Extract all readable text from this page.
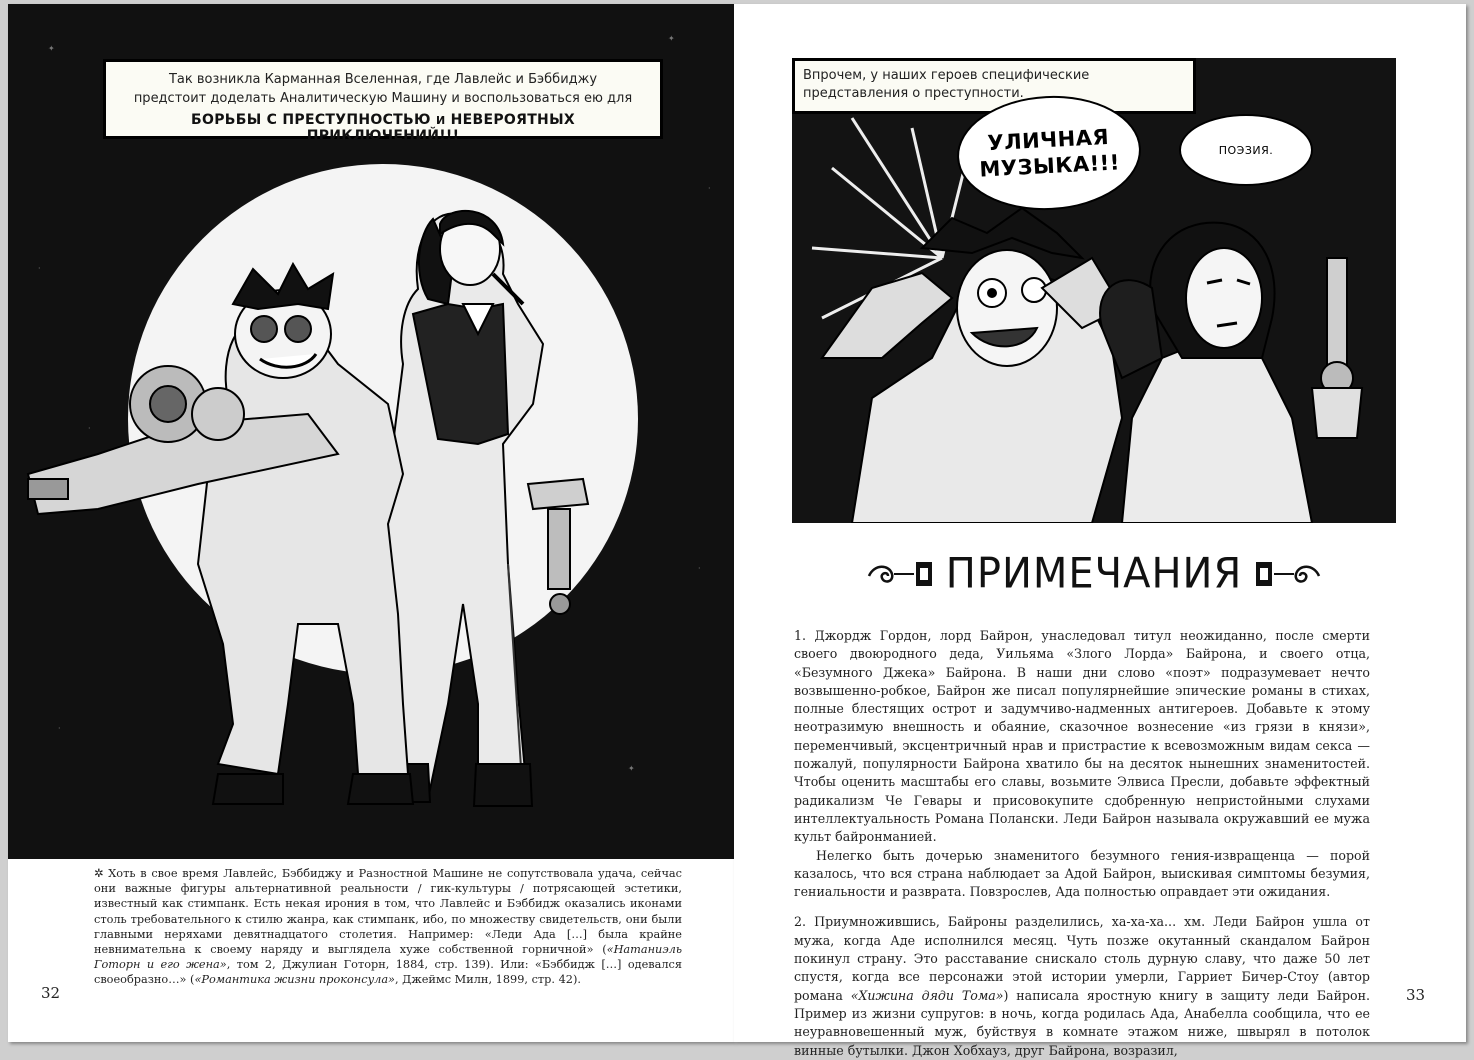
✦
·
✦
·
·
·
·
✦
Так возникла Карманная Вселенная, где Лавлейс и Бэббиджу
предстоит доделать Аналитическую Машину и воспользоваться ею для
БОРЬБЫ С ПРЕСТУПНОСТЬЮ И НЕВЕРОЯТНЫХ ПРИКЛЮЧЕНИЙ!!!
✲ Хоть в свое время Лавлейс, Бэббиджу и Разностной Машине не сопутствовала удача, сейчас они важные фигуры альтернативной реальности / гик-культуры / потрясающей эстетики, известный как стимпанк. Есть некая ирония в том, что Лавлейс и Бэббидж оказались иконами столь требовательного к стилю жанра, как стимпанк, ибо, по множеству свидетельств, они были главными неряхами девятнадцатого столетия. Например: «Леди Ада […] была крайне невнимательна к своему наряду и выглядела хуже собственной горничной» («Натаниэль Готорн и его жена», том 2, Джулиан Готорн, 1884, стр. 139). Или: «Бэббидж […] одевался своеобразно…» («Романтика жизни проконсула», Джеймс Милн, 1899, стр. 42).
32
Впрочем, у наших героев специфические представления о преступности.
УЛИЧНАЯ
МУЗЫКА!!!
ПОЭЗИЯ.
ПРИМЕЧАНИЯ

1. Джордж Гордон, лорд Байрон, унаследовал титул неожиданно, после смерти своего двоюродного деда, Уильяма «Злого Лорда» Байрона, и своего отца, «Безумного Джека» Байрона. В наши дни слово «поэт» подразумевает нечто возвышенно-робкое, Байрон же писал популярнейшие эпические романы в стихах, полные блестящих острот и задумчиво-надменных антигероев. Добавьте к этому неотразимую внешность и обаяние, сказочное вознесение «из грязи в князи», переменчивый, эксцентричный нрав и пристрастие к всевозможным видам секса — пожалуй, популярности Байрона хватило бы на десяток нынешних знаменитостей. Чтобы оценить масштабы его славы, возьмите Элвиса Пресли, добавьте эффектный радикализм Че Гевары и присовокупите сдобренную непристойными слухами интеллектуальность Романа Полански. Леди Байрон называла окружавший ее мужа культ байронманией.

Нелегко быть дочерью знаменитого безумного гения-извращенца — порой казалось, что вся страна наблюдает за Адой Байрон, выискивая симптомы безумия, гениальности и разврата. Повзрослев, Ада полностью оправдает эти ожидания.

2. Приумножившись, Байроны разделились, ха-ха-ха... хм. Леди Байрон ушла от мужа, когда Аде исполнился месяц. Чуть позже окутанный скандалом Байрон покинул страну. Это расставание снискало столь дурную славу, что даже 50 лет спустя, когда все персонажи этой истории умерли, Гарриет Бичер-Стоу (автор романа «Хижина дяди Тома») написала яростную книгу в защиту леди Байрон. Пример из жизни супругов: в ночь, когда родилась Ада, Анабелла сообщила, что ее неуравновешенный муж, буйствуя в комнате этажом ниже, швырял в потолок винные бутылки. Джон Хобхауз, друг Байрона, возразил,

33
